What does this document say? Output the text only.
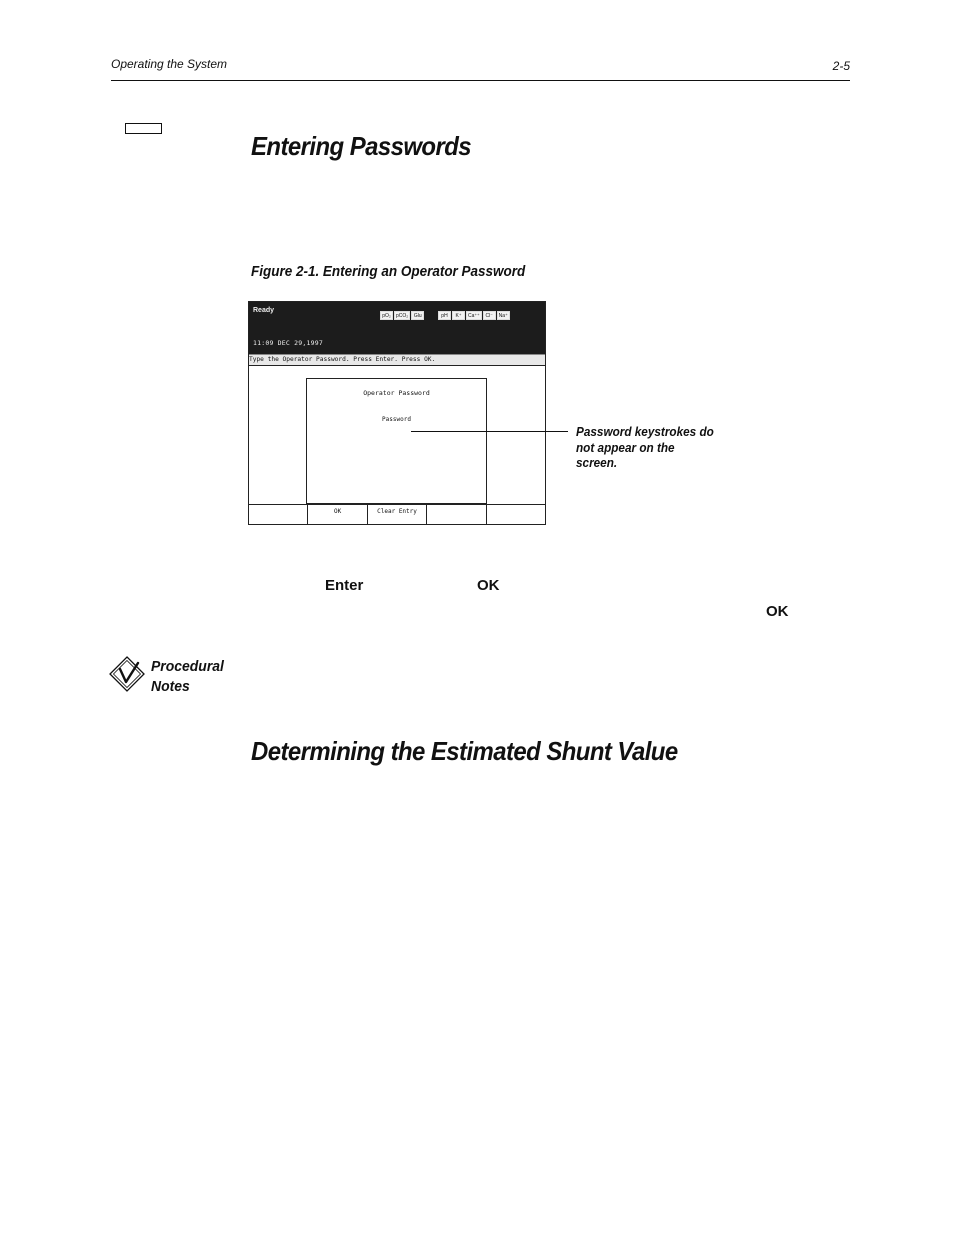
Operating the System	2-5
Entering Passwords
Figure 2-1. Entering an Operator Password
Ready
pO₂	pCO₂	Glu	pH	K⁺	Ca⁺⁺	Cl⁻	Na⁺
11:09 DEC 29,1997
Type the Operator Password. Press Enter. Press OK.
Operator Password
Password
OK	Clear Entry
Password keystrokes do not appear on the screen.
Enter	OK
OK
Procedural
Notes
Determining the Estimated Shunt Value
